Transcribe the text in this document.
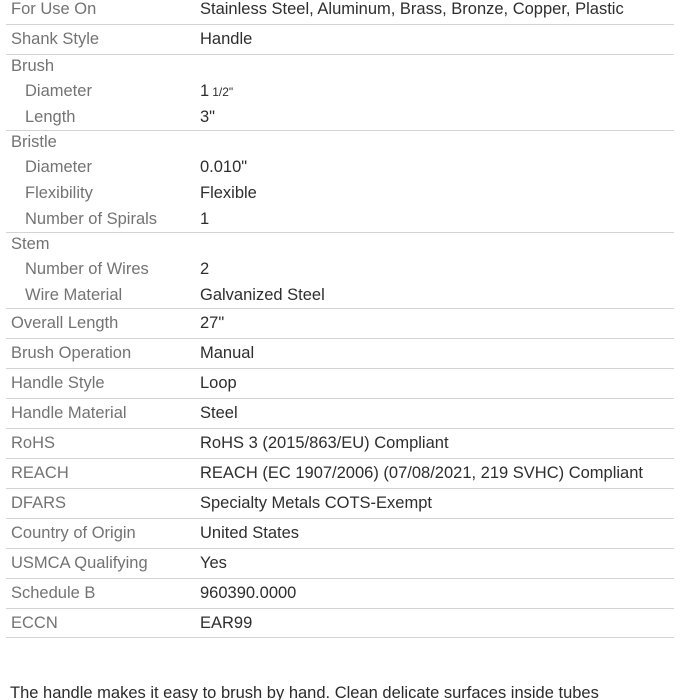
For Use On	Stainless Steel, Aluminum, Brass, Bronze, Copper, Plastic
Shank Style	Handle
Brush
Diameter	1 1/2"
Length	3"
Bristle
Diameter	0.010"
Flexibility	Flexible
Number of Spirals	1
Stem
Number of Wires	2
Wire Material	Galvanized Steel
Overall Length	27"
Brush Operation	Manual
Handle Style	Loop
Handle Material	Steel
RoHS	RoHS 3 (2015/863/EU) Compliant
REACH	REACH (EC 1907/2006) (07/08/2021, 219 SVHC) Compliant
DFARS	Specialty Metals COTS-Exempt
Country of Origin	United States
USMCA Qualifying	Yes
Schedule B	960390.0000
ECCN	EAR99
The handle makes it easy to brush by hand. Clean delicate surfaces inside tubes
